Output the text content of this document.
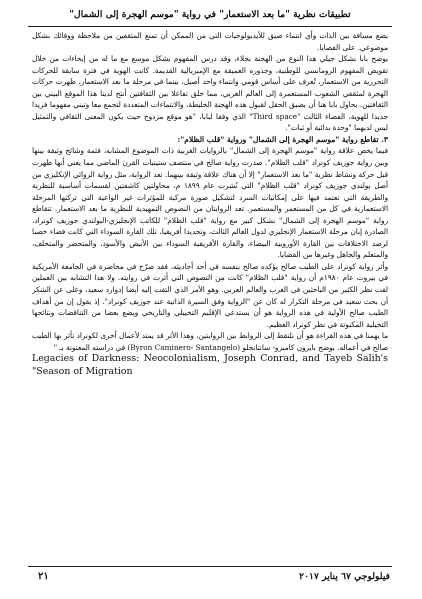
تطبيقات نظرية "ما بعد الاستعمار" في رواية "موسم الهجرة إلى الشمال"

يضع مسافة بين الذات وأي انتماء ضيق للأيديولوجيات التي من الممكن أن تمنع المثقفين من ملاحظة ووفائك بشكل موضوعي. على القضايا.

يوضح بابا بشكل جيلي هذا النوع من الهجنة بجلاء، وقد درس المفهوم بشكل موسع مع ما له من إيحاءات من خلال تقويض المفهوم الرومانسي للوطنية، وجذوره العميقة مع الإمبريالية القديمة. كانت الهوية في فترة سابقة للحركات التحررية من الاستعمار، تُعرف على أساس قومي وانتماء واحد أصيل، بينما في مرحلة ما بعد الاستعمار، ظهرت حركات الهجرة لمثقفي الشعوب المستعمرة إلى العالم الغربي، مما خلق تفاعلا بين الثقافتين أنتج لدينا هذا الموقع البيني بين الثقافتين. يحاول بابا هنا أن يضيق الحقل لقبول هذه الهجنة الخليطة، والانتماءات المتعددة لتجمع معا وتبني مفهوما فريدا جديدا للهوية، الفضاء الثالث "Third space" الذي وفقا لبابا، "هو موقع مزدوج حيث يكون المعنى الثقافي والتمثيل ليس لديهما "وحدة بدائية أو ثبات".

٣. تقاطع رواية "موسم الهجرة إلى الشمال" ورواية "قلب الظلام":

فيما يخص علاقة رواية "موسم الهجرة إلى الشمال" بالروايات الغربية ذات الموضوع المشابه، فثمة وشائج وثيقة بينها وبين رواية جوزيف كونراد "قلب الظلام". صدرت رواية صالح في منتصف ستينيات القرن الماضي مما يعني أنها ظهرت قبل حركة ونشاط نظرية "ما بعد الاستعمار" إلا أن هناك علاقة وثيقة بينهما. تعد الرواية، مثل رواية الروائي الإنكليزي من أصل بولندي جوزيف كونراد "قلب الظلام" التي نُشرت عام ١٨٩٩ م، محاولتين كاشفتين لقسمات أساسية للنظرية والطريقة التي تعتمد فيها على إمكانيات السرد لتشكيل صورة مركبة للمؤثرات غير الواعية التي تركتها المرحلة الاستعمارية في كل من المستعمر والمستعمر. تعد الروايتان من النصوص التمهيدية للنظرية ما بعد الاستعمار. تتقاطع رواية "موسم الهجرة إلى الشمال" بشكل كبير مع رواية "قلب الظلام" للكاتب الإنجليزي-البولندي جوزيف كونراد، الصادرة إبان مرحلة الاستعمار الإنجليزي لدول العالم الثالث، وتحديدا أفريقيا، تلك القارة السوداء التي كانت فضاء خصبا لرصد الاختلافات بين القارة الأوروبية البيضاء، والقارة الأفريقية السوداء بين الأبيض والأسود، والمتحضر والمتخلف، والمتعلم والجاهل وغيرها من القضايا.

وأثر رواية كونراد على الطيب صالح يؤكده صالح بنفسه في أحد أحاديثه، فقد صرّح في محاضرة في الجامعة الأمريكية في بيروت عام ١٩٨٠م أن رواية "قلب الظلام" كانت من النصوص التي أثرت في روايته. ولا هذا التشابه بين العملين لفت نظر الكثير من الباحثين في الغرب والعالم العربي. وهو الأمر الذي التفت إليه أيضا إدوارد سعيد، وعلى عن الشكر أن بحث سعيد في مرحلة التكرار له كان عن "الرواية وفق السيرة الذاتية عند جوزيف كونراد". إذ يقول إن من أهداف الطيب صالح الأولية في هذه الرواية هو أن يستدعي الإقليم التخييلي والتاريخي ويضع بعضا من التناقضات ونتائجها التخيلية المكبوتة في نظر كونراد العظيم.

ما يهمنا في هذه القراءة هو أن نلتقط إلى الروابط بين الروايتين، وهذا الأثر قد يمتد لأعمال أخرى لكونراد تأثر بها الطيب صالح في أعماله. يوضح بايرون كاميرو- سانتانجلو (Byron Caminero- Santangelo) في دراسته المعنونة بـ "

Legacies of Darkness: Neocolonialism, Joseph Conrad, and Tayeb Salih's "Season of Migration

فيلولوجي ٦٧ يناير ٢٠١٧
٢١
